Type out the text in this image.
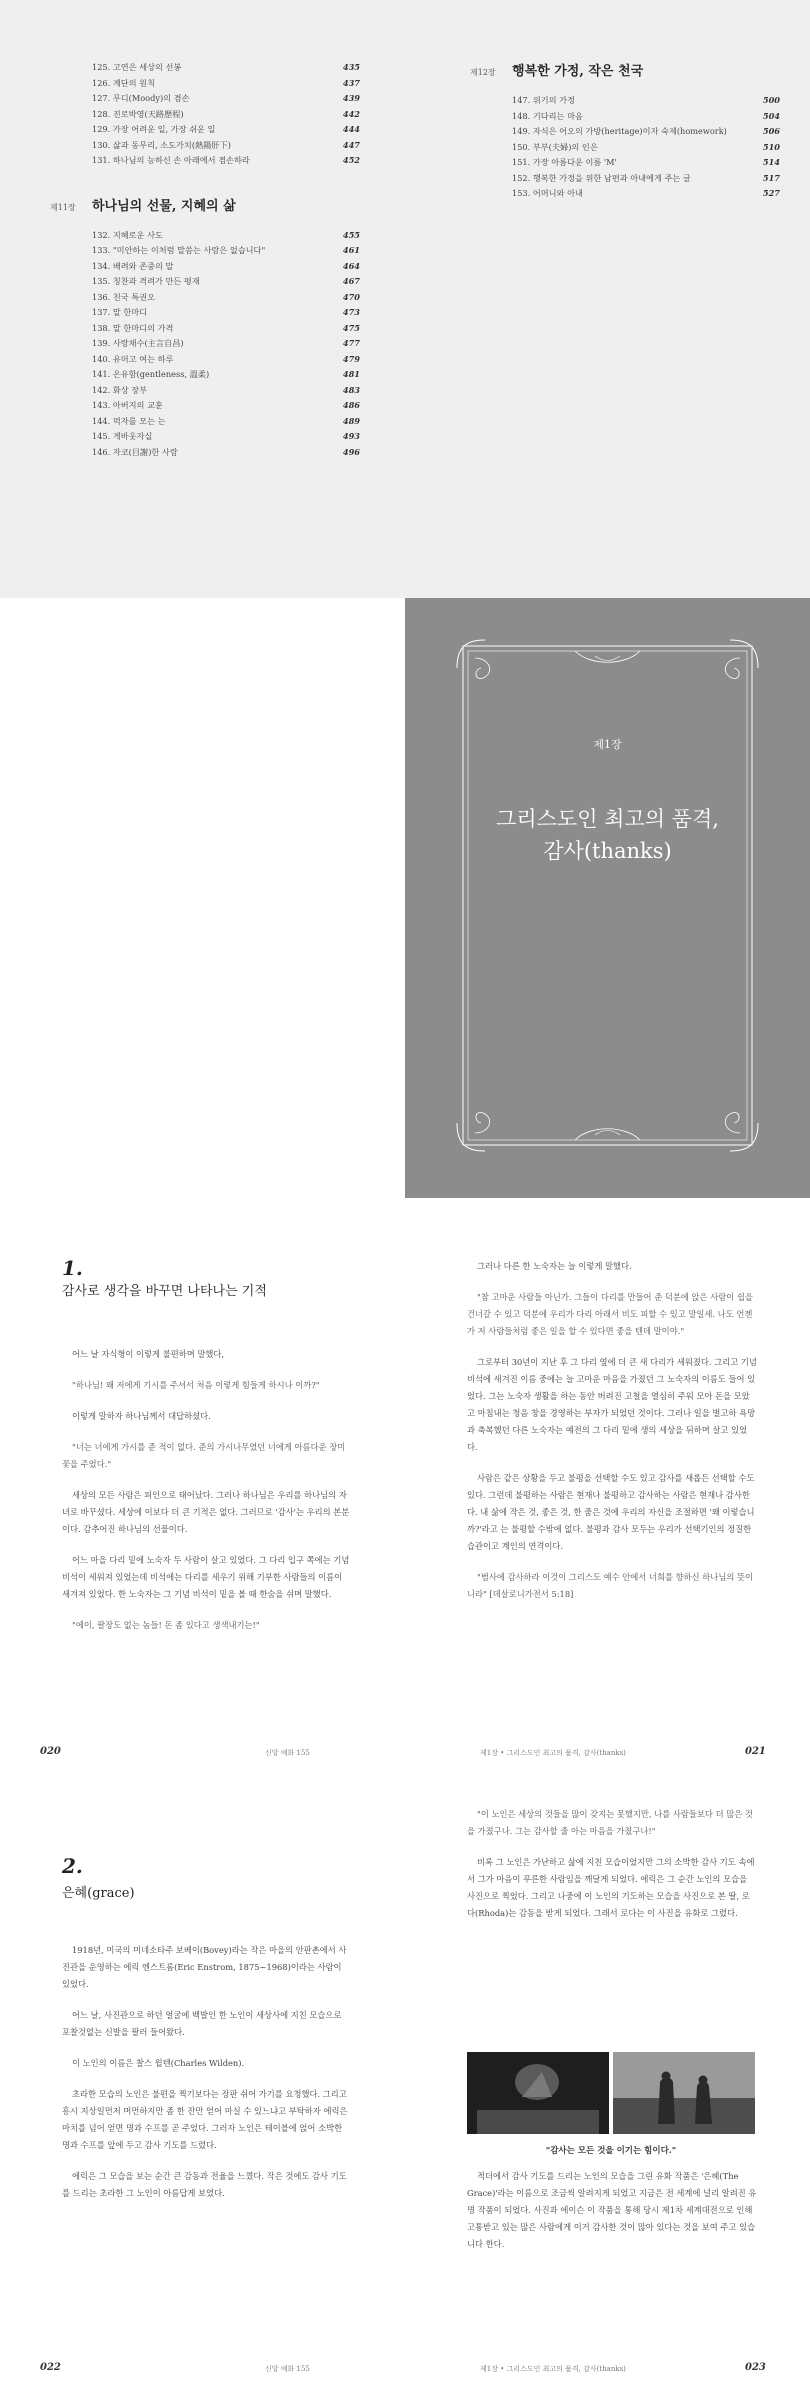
125. 고연은 세상의 선봉	435
126. 계단의 원칙	437
127. 무디(Moody)의 겸손	439
128. 진로박영(天路歷程)	442
129. 가장 어려운 일, 가장 쉬운 일	444
130. 삶과 동무리, 소도가치(熱陽肝下)	447
131. 하나님의 능하신 손 아래에서 겸손하라	452
제11장	하나님의 선물, 지혜의 삶
132. 지혜로운 사도	455
133. "미안하는 이처럼 말씀는 사람은 없습니다"	461
134. 배려와 존중의 말	464
135. 칭찬과 격려가 만든 평재	467
136. 친국 특권오	470
137. 말 한마디	473
138. 말 한마디의 가격	475
139. 사랑채수(主言自昌)	477
140. 유머고 여는 하루	479
141. 온유함(gentleness, 溫柔)	481
142. 화상 장부	483
143. 아버지의 교훈	486
144. 먹자를 모는 는	489
145. 게바웃자실	493
146. 자코(目謝)한 사람	496
제12장	행복한 가정, 작은 천국
147. 위기의 가정	500
148. 기다리는 마음	504
149. 자식은 어오의 가방(heritage)이자 숙제(homework)	506
150. 부부(夫婦)의 인은	510
151. 가장 아름다운 이름 'M'	514
152. 행복한 가정을 위한 남편과 아내에게 주는 글	517
153. 어머니와 아내	527
제1장
그리스도인 최고의 품격,
감사(thanks)
1.
감사로 생각을 바꾸면 나타나는 기적

어느 날 자식형이 이렇게 불편하며 말했다,

"하나님! 왜 저에게 기시를 주셔서 처음 이렇게 힘들게 하시나 이까?"

이렇게 말하자 하나님께서 대답하셨다.

"너는 너에게 가시를 준 적이 없다. 준의 가시나무였던 너에게 아름다운 장미꽃을 주었다."

세상의 모든 사람은 피인으로 태어났다. 그러나 하나님은 우리를 하나님의 자녀로 바꾸셨다. 세상에 이보다 더 큰 기적은 없다. 그러므로 '감사'는 우리의 본분이다. 감추어진 하나님의 선물이다.

어느 마을 다리 밑에 노숙자 두 사람이 살고 있었다. 그 다리 입구 쪽에는 기념 비석이 세워져 있었는데 비석에는 다리를 세우기 위해 기부한 사람들의 이름이 새겨져 있었다. 한 노숙자는 그 기념 비석이 밑을 볼 때 한숨을 쉬며 말했다.

"에이, 팔장도 없는 놈들! 돈 좀 있다고 생색내기는!"

020	신앙 예화 155

그러나 다른 한 노숙자는 늘 이렇게 말했다.

"참 고마운 사람들 아닌가. 그들이 다리를 만들어 준 덕분에 앉은 사람이 쉽을 건너갈 수 있고 덕분에 우리가 다리 아래서 비도 피할 수 있고 말일세. 나도 언젠가 저 사람들처럼 좋은 일을 할 수 있다면 좋을 텐데 말이야."

그로부터 30년이 지난 후 그 다리 옆에 더 큰 새 다리가 세워졌다. 그리고 기념 비석에 새겨진 이름 중에는 늘 고마운 마음을 가졌던 그 노숙자의 이름도 들어 있었다. 그는 노숙자 생활을 하는 동안 버려진 고철을 열심히 주워 모아 돈을 모았고 마침내는 청음 창을 경영하는 부자가 되었던 것이다. 그러나 일을 벌고하 욕망과 축복했던 다른 노숙자는 예전의 그 다리 밑에 생의 세상을 뒤하며 살고 있었다.

사람은 같은 상황을 두고 불평을 선택할 수도 있고 감사를 새롭든 선택할 수도 있다. 그런데 불평하는 사람은 현재나 불평하고 감사하는 사람은 현재나 감사한다. 내 삶에 작은 것, 좋은 것, 한 줌은 것에 우리의 자신을 조절하면 '왜 이렇습니까?'라고 는 불평할 수밖에 없다. 불평과 감사 모두는 우리가 선택기인의 정질한 습관이고 계인의 연격이다.

"범사에 감사하라 이것이 그리스도 예수 안에서 너희를 향하신 하나님의 뜻이니라" [데살로니가전서 5:18]

제1장 • 그리스도인 최고의 품격, 감사(thanks)	021
2.
은혜(grace)

1918년, 미국의 미네소타주 보베이(Bovey)라는 작은 마을의 안판촌에서 사진관을 운영하는 에릭 엔스트롬(Eric Enstrom, 1875~1968)이라는 사람이 있었다.

어느 날, 사진관으로 하던 얼굴에 백발인 한 노인이 세상사에 지친 모습으로 포찰것없는 신발을 팔러 들어왔다.

이 노인의 이름은 찰스 윌텐(Charles Wilden).

초라한 모습의 노인은 불편을 찍기보다는 장판 쉬어 가기를 요청했다. 그리고 흥시 지상일먼저 머먼하지만 좀 한 잔만 얻어 마실 수 있느냐고 부탁하자 에릭은 마치를 넘어 얻면 명과 수프를 곧 주었다. 그러자 노인은 테이블에 얹어 소박한 명과 수프를 앞에 두고 감사 기도를 드렸다.

에릭은 그 모습을 보는 순간 큰 감동과 전율을 느꼈다. 작은 것에도 감사 기도를 드리는 초라한 그 노인이 아름답게 보였다.

022	신앙 예화 155

"이 노인은 세상의 것들을 많이 갖지는 못했지만, 나를 사람들보다 더 많은 것을 가졌구나. 그는 감사할 줄 아는 마음을 가졌구나!"

비록 그 노인은 가난하고 삶에 지친 모습이었지만 그의 소박한 감사 기도 속에서 그가 마음이 푸른한 사람임을 깨달게 되었다. 에릭은 그 순간 노인의 모습을 사진으로 찍었다. 그리고 나중에 이 노인의 기도하는 모습을 사진으로 본 딸, 로다(Rhoda)는 감동을 받게 되었다. 그래서 로다는 이 사진을 유화로 그렸다.

"감사는 모든 것을 이기는 힘이다."

적더에서 감사 기도를 드리는 노인의 모습을 그린 유화 작품은 '은혜(The Grace)'라는 이름으로 조금씩 알려지게 되었고 지금은 전 세계에 널리 알려진 유명 작품이 되었다. 사진과 에이슨 이 작품을 통해 당시 제1차 세계대전으로 인해 고통받고 있는 많은 사람에게 이거 감사한 것이 많아 있다는 것을 보여 주고 있습니다 한다.

제1장 • 그리스도인 최고의 품격, 감사(thanks)	023
